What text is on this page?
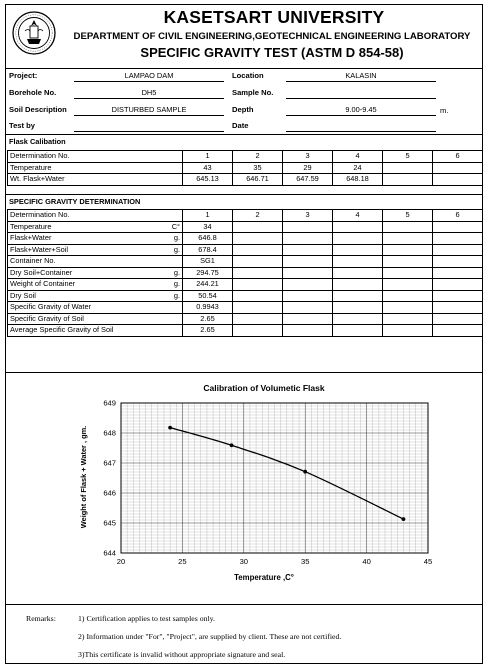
KASETSART UNIVERSITY
DEPARTMENT OF CIVIL ENGINEERING,GEOTECHNICAL ENGINEERING LABORATORY
SPECIFIC GRAVITY TEST (ASTM D 854-58)
Project:	LAMPAO DAM	Location	KALASIN
Borehole No.	DH5	Sample No.
Soil Description	DISTURBED SAMPLE	Depth	9.00-9.45	m.
Test by	Date
Flask Calibation
Determination No.	1	2	3	4	5	6
Temperature	43	35	29	24		
Wt. Flask+Water	645.13	646.71	647.59	648.18		
SPECIFIC GRAVITY DETERMINATION
Determination No.	1	2	3	4	5	6
Temperature C°	34					
Flask+Water g.	646.8					
Flask+Water+Soil g.	678.4					
Container No.	SG1					
Dry Soil+Container g.	294.75					
Weight of Container g.	244.21					
Dry Soil g.	50.54					
Specific Gravity of Water	0.9943					
Specific Gravity of Soil	2.65					
Average Specific Gravity of Soil	2.65					
Calibration of Volumetic Flask
20	25	30	35	40	45
644
645
646
647
648
649
Temperature ,C°
Weight of Flask + Water , gm.
Remarks:	1) Certification applies to test samples only.
2) Information under "For", "Project", are supplied by client. These are not certified.
3)This certificate is invalid without appropriate signature and seal.
